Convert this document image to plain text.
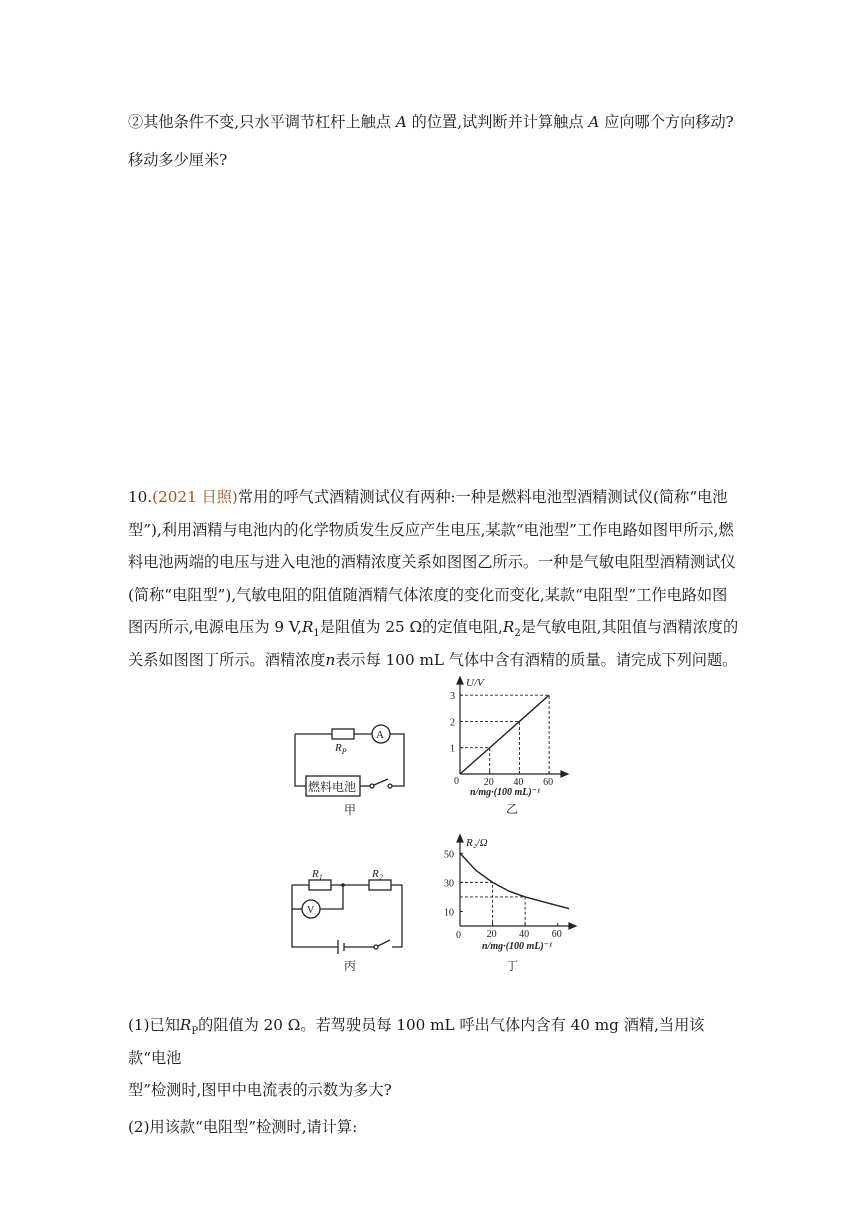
②其他条件不变,只水平调节杠杆上触点 A 的位置,试判断并计算触点 A 应向哪个方向移动?
移动多少厘米?
10.(2021 日照)常用的呼气式酒精测试仪有两种:一种是燃料电池型酒精测试仪(简称“电池
型”),利用酒精与电池内的化学物质发生反应产生电压,某款“电池型”工作电路如图甲所示,燃
料电池两端的电压与进入电池的酒精浓度关系如图图乙所示。一种是气敏电阻型酒精测试仪
(简称“电阻型”),气敏电阻的阻值随酒精气体浓度的变化而变化,某款“电阻型”工作电路如图
图丙所示,电源电压为 9 $V,R_1$是阻值为 25 Ω的定值电阻$,R_2$是气敏电阻,其阻值与酒精浓度的
关系如图图丁所示。酒精浓度n表示每 100 mL 气体中含有酒精的质量。请完成下列问题。
$R_P$
A
燃料电池
甲
U/V
0 20 40 60
1
2
3
n/mg·(100 mL)⁻¹
乙
$R_1$	$R_2$
V
丙
R₂/Ω
0	20 40 60
10
30
50
n/mg·(100 mL)⁻¹
丁
(1)已知$R_P$的阻值为 20 Ω。若驾驶员每 100 mL 呼出气体内含有 40 mg 酒精,当用该款“电池
型”检测时,图甲中电流表的示数为多大?
(2)用该款“电阻型”检测时,请计算:
